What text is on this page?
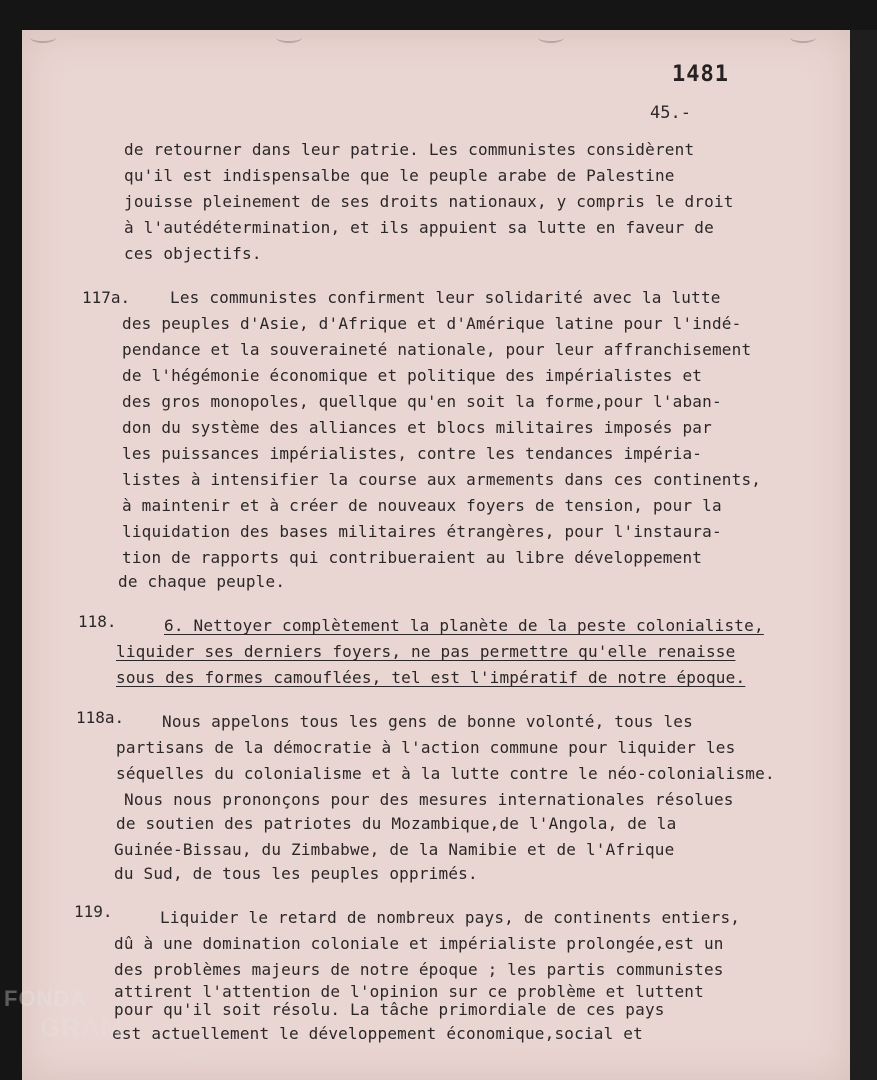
1481
45.-
de retourner dans leur patrie. Les communistes considèrent
qu'il est indispensalbe que le peuple arabe de Palestine
jouisse pleinement de ses droits nationaux, y compris le droit
à l'autédétermination, et ils appuient sa lutte en faveur de
ces objectifs.
117a. Les communistes confirment leur solidarité avec la lutte
des peuples d'Asie, d'Afrique et d'Amérique latine pour l'indé-
pendance et la souveraineté nationale, pour leur affranchisement
de l'hégémonie économique et politique des impérialistes et
des gros monopoles, quellque qu'en soit la forme,pour l'aban-
don du système des alliances et blocs militaires imposés par
les puissances impérialistes, contre les tendances impéria-
listes à intensifier la course aux armements dans ces continents,
à maintenir et à créer de nouveaux foyers de tension, pour la
liquidation des bases militaires étrangères, pour l'instaura-
tion de rapports qui contribueraient au libre développement
de chaque peuple.
118.	6. Nettoyer complètement la planète de la peste colonialiste,
liquider ses derniers foyers, ne pas permettre qu'elle renaisse
sous des formes camouflées, tel est l'impératif de notre époque.
118a. Nous appelons tous les gens de bonne volonté, tous les
partisans de la démocratie à l'action commune pour liquider les
séquelles du colonialisme et à la lutte contre le néo-colonialisme.
Nous nous prononçons pour des mesures internationales résolues
de soutien des patriotes du Mozambique,de l'Angola, de la
Guinée-Bissau, du Zimbabwe, de la Namibie et de l'Afrique
du Sud, de tous les peuples opprimés.
119.	Liquider le retard de nombreux pays, de continents entiers,
dû à une domination coloniale et impérialiste prolongée,est un
des problèmes majeurs de notre époque ; les partis communistes
attirent l'attention de l'opinion sur ce problème et luttent
pour qu'il soit résolu. La tâche primordiale de ces pays
est actuellement le développement économique,social et
FONDA
GRAM
onlus
